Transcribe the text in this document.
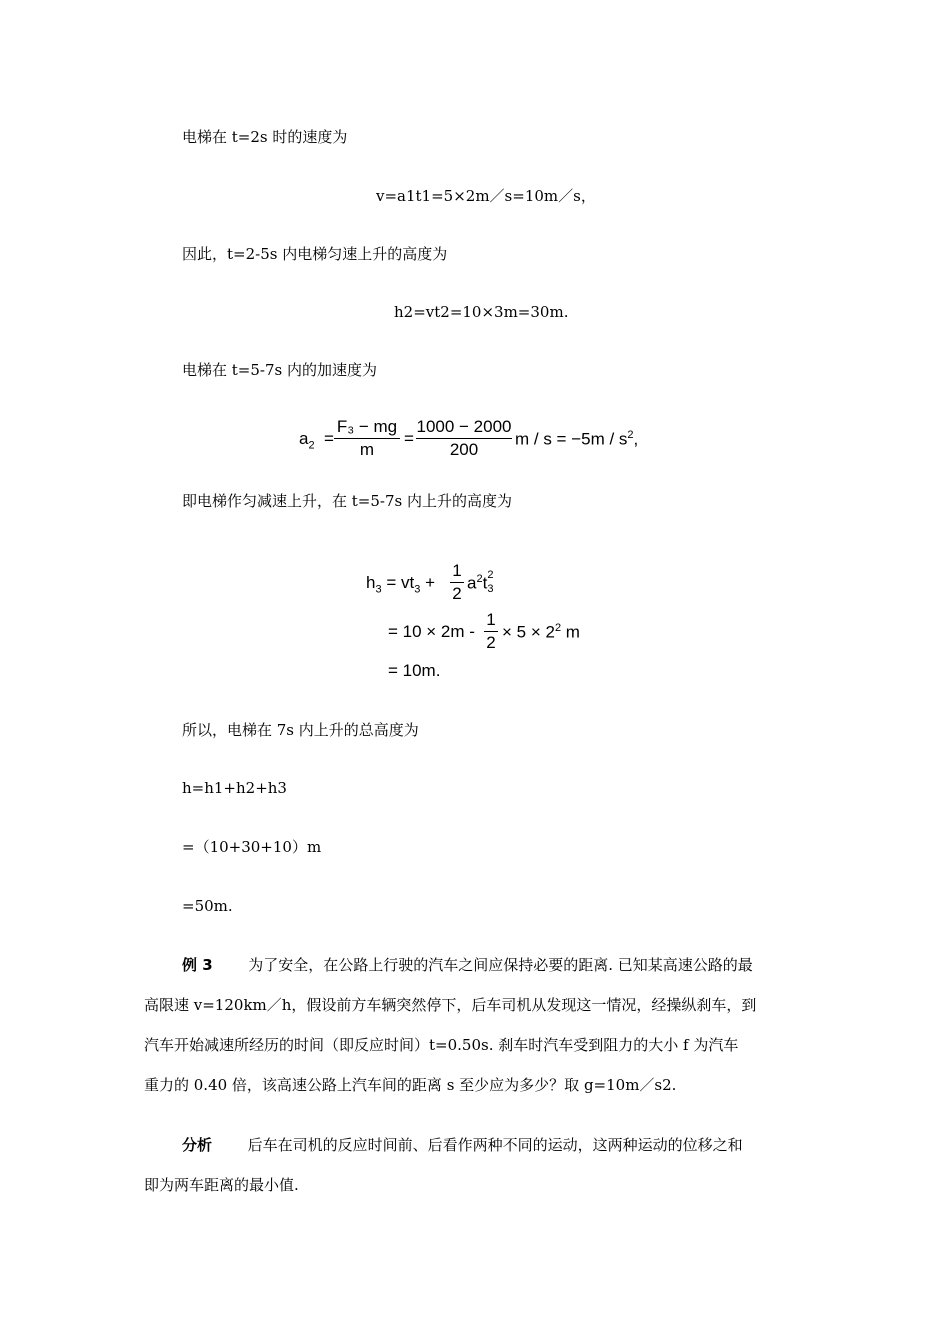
电梯在 t=2s 时的速度为
v=a1t1=5×2m／s=10m／s，
因此，t=2-5s 内电梯匀速上升的高度为
h2=vt2=10×3m=30m.
电梯在 t=5-7s 内的加速度为
$a_2$ =
F₃ − mg
m
=
1000 − 2000
200
$m / s = -5m / s^2$,
即电梯作匀减速上升，在 t=5-7s 内上升的高度为
$h_3 = vt_3$ +
1
2
$a^2t$ 2
3
= 10 × 2m -
1
2
× $5 \times 2^2$ m
= 10m.
所以，电梯在 7s 内上升的总高度为
h=h1+h2+h3
=（10+30+10）m
=50m.
例 3 为了安全，在公路上行驶的汽车之间应保持必要的距离. 已知某高速公路的最
高限速 v=120km／h，假设前方车辆突然停下，后车司机从发现这一情况，经操纵刹车，到
汽车开始减速所经历的时间（即反应时间）t=0.50s. 刹车时汽车受到阻力的大小 f 为汽车
重力的 0.40 倍，该高速公路上汽车间的距离 s 至少应为多少？取 g=10m／s2.
分析 后车在司机的反应时间前、后看作两种不同的运动，这两种运动的位移之和
即为两车距离的最小值.
